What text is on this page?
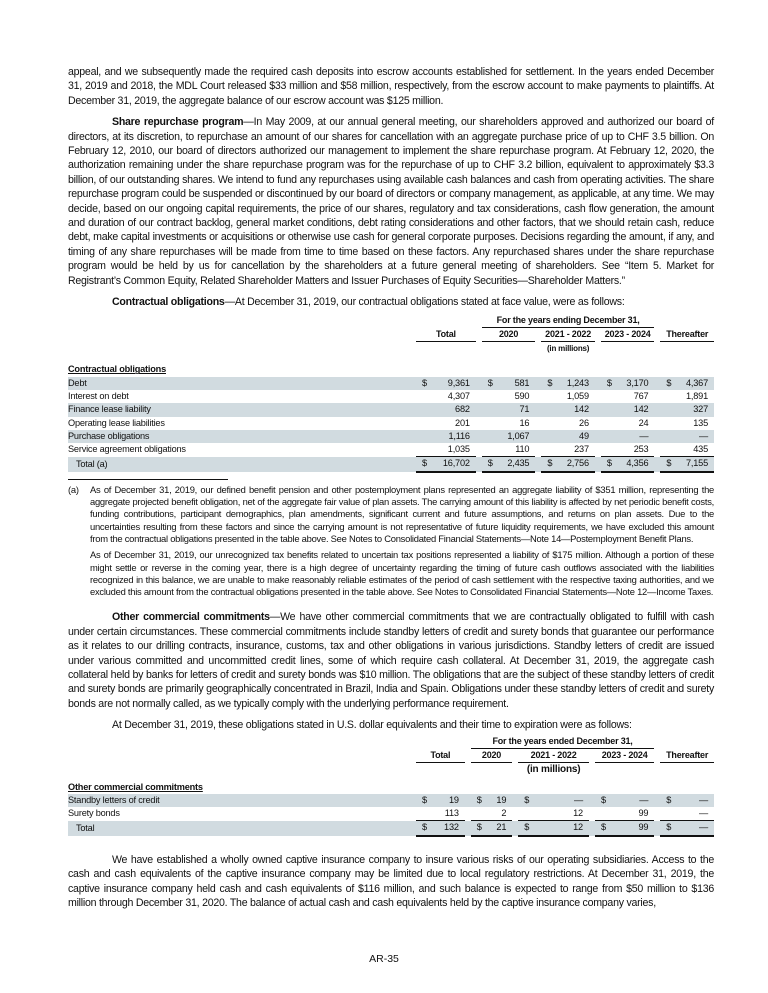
appeal, and we subsequently made the required cash deposits into escrow accounts established for settlement. In the years ended December 31, 2019 and 2018, the MDL Court released $33 million and $58 million, respectively, from the escrow account to make payments to plaintiffs. At December 31, 2019, the aggregate balance of our escrow account was $125 million.

Share repurchase program—In May 2009, at our annual general meeting, our shareholders approved and authorized our board of directors, at its discretion, to repurchase an amount of our shares for cancellation with an aggregate purchase price of up to CHF 3.5 billion. On February 12, 2010, our board of directors authorized our management to implement the share repurchase program. At February 12, 2020, the authorization remaining under the share repurchase program was for the repurchase of up to CHF 3.2 billion, equivalent to approximately $3.3 billion, of our outstanding shares. We intend to fund any repurchases using available cash balances and cash from operating activities. The share repurchase program could be suspended or discontinued by our board of directors or company management, as applicable, at any time. We may decide, based on our ongoing capital requirements, the price of our shares, regulatory and tax considerations, cash flow generation, the amount and duration of our contract backlog, general market conditions, debt rating considerations and other factors, that we should retain cash, reduce debt, make capital investments or acquisitions or otherwise use cash for general corporate purposes. Decisions regarding the amount, if any, and timing of any share repurchases will be made from time to time based on these factors. Any repurchased shares under the share repurchase program would be held by us for cancellation by the shareholders at a future general meeting of shareholders. See “Item 5. Market for Registrant’s Common Equity, Related Shareholder Matters and Issuer Purchases of Equity Securities—Shareholder Matters.”

Contractual obligations—At December 31, 2019, our contractual obligations stated at face value, were as follows:

				For the years ending December 31,										
	Total			2020			2021 - 2022			2023 - 2024			Thereafter	
							(in millions)							

Contractual obligations														
Debt	$	9,361		$	581		$	1,243		$	3,170		$	4,367
Interest on debt		4,307			590			1,059			767			1,891
Finance lease liability		682			71			142			142			327
Operating lease liabilities		201			16			26			24			135
Purchase obligations		1,116			1,067			49			—			—
Service agreement obligations		1,035			110			237			253			435
Total (a)	$	16,702		$	2,435		$	2,756		$	4,356		$	7,155
(a)	As of December 31, 2019, our defined benefit pension and other postemployment plans represented an aggregate liability of $351 million, representing the aggregate projected benefit obligation, net of the aggregate fair value of plan assets. The carrying amount of this liability is affected by net periodic benefit costs, funding contributions, participant demographics, plan amendments, significant current and future assumptions, and returns on plan assets. Due to the uncertainties resulting from these factors and since the carrying amount is not representative of future liquidity requirements, we have excluded this amount from the contractual obligations presented in the table above. See Notes to Consolidated Financial Statements—Note 14—Postemployment Benefit Plans.

As of December 31, 2019, our unrecognized tax benefits related to uncertain tax positions represented a liability of $175 million. Although a portion of these might settle or reverse in the coming year, there is a high degree of uncertainty regarding the timing of future cash outflows associated with the liabilities recognized in this balance, we are unable to make reasonably reliable estimates of the period of cash settlement with the respective taxing authorities, and we excluded this amount from the contractual obligations presented in the table above. See Notes to Consolidated Financial Statements—Note 12—Income Taxes.

Other commercial commitments—We have other commercial commitments that we are contractually obligated to fulfill with cash under certain circumstances. These commercial commitments include standby letters of credit and surety bonds that guarantee our performance as it relates to our drilling contracts, insurance, customs, tax and other obligations in various jurisdictions. Standby letters of credit are issued under various committed and uncommitted credit lines, some of which require cash collateral. At December 31, 2019, the aggregate cash collateral held by banks for letters of credit and surety bonds was $10 million. The obligations that are the subject of these standby letters of credit and surety bonds are primarily geographically concentrated in Brazil, India and Spain. Obligations under these standby letters of credit and surety bonds are not normally called, as we typically comply with the underlying performance requirement.

At December 31, 2019, these obligations stated in U.S. dollar equivalents and their time to expiration were as follows:

				For the years ended December 31,										
	Total			2020			2021 - 2022			2023 - 2024			Thereafter	
							(in millions)							

Other commercial commitments														
Standby letters of credit	$	19		$	19		$	—		$	—		$	—
Surety bonds		113			2			12			99			—
Total	$	132		$	21		$	12		$	99		$	—

We have established a wholly owned captive insurance company to insure various risks of our operating subsidiaries. Access to the cash and cash equivalents of the captive insurance company may be limited due to local regulatory restrictions. At December 31, 2019, the captive insurance company held cash and cash equivalents of $116 million, and such balance is expected to range from $50 million to $136 million through December 31, 2020. The balance of actual cash and cash equivalents held by the captive insurance company varies,

AR-35
